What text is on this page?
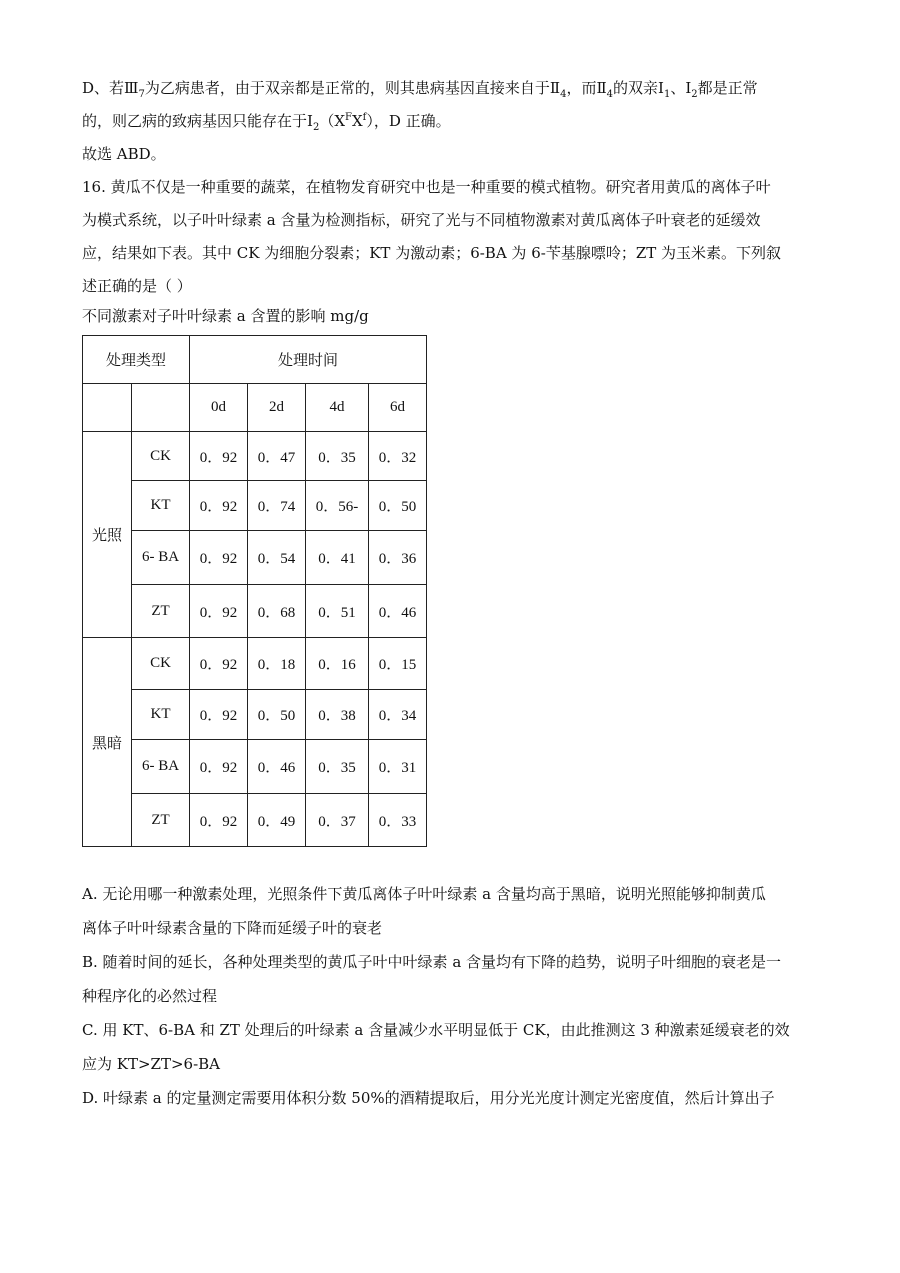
D、若$Ⅲ_7$为乙病患者，由于双亲都是正常的，则其患病基因直接来自于$Ⅱ_4$，而$Ⅱ_4$的双亲$Ⅰ_1$、$Ⅰ_2$都是正常

的，则乙病的致病基因只能存在于$Ⅰ_2(X^FX^f)$，D 正确。

故选 ABD。

16. 黄瓜不仅是一种重要的蔬菜，在植物发育研究中也是一种重要的模式植物。研究者用黄瓜的离体子叶

为模式系统，以子叶叶绿素 a 含量为检测指标，研究了光与不同植物激素对黄瓜离体子叶衰老的延缓效

应，结果如下表。其中 CK 为细胞分裂素；KT 为激动素；6-BA 为 6-苄基腺嘌呤；ZT 为玉米素。下列叙

述正确的是（ ）

不同激素对子叶叶绿素 a 含置的影响 mg/g
处理类型		处理时间			
		0d	2d	4d	6d
光照	CK	0．92	0．47	0．35	0．32
	KT	0．92	0．74	0．56-	0．50
	6- BA	0．92	0．54	0．41	0．36
	ZT	0．92	0．68	0．51	0．46
黑暗	CK	0．92	0．18	0．16	0．15
	KT	0．92	0．50	0．38	0．34
	6- BA	0．92	0．46	0．35	0．31
	ZT	0．92	0．49	0．37	0．33

A. 无论用哪一种激素处理，光照条件下黄瓜离体子叶叶绿素 a 含量均高于黑暗，说明光照能够抑制黄瓜

离体子叶叶绿素含量的下降而延缓子叶的衰老

B. 随着时间的延长，各种处理类型的黄瓜子叶中叶绿素 a 含量均有下降的趋势，说明子叶细胞的衰老是一

种程序化的必然过程

C. 用 KT、6-BA 和 ZT 处理后的叶绿素 a 含量减少水平明显低于 CK，由此推测这 3 种激素延缓衰老的效

应为 KT>ZT>6-BA

D. 叶绿素 a 的定量测定需要用体积分数 50%的酒精提取后，用分光光度计测定光密度值，然后计算出子
